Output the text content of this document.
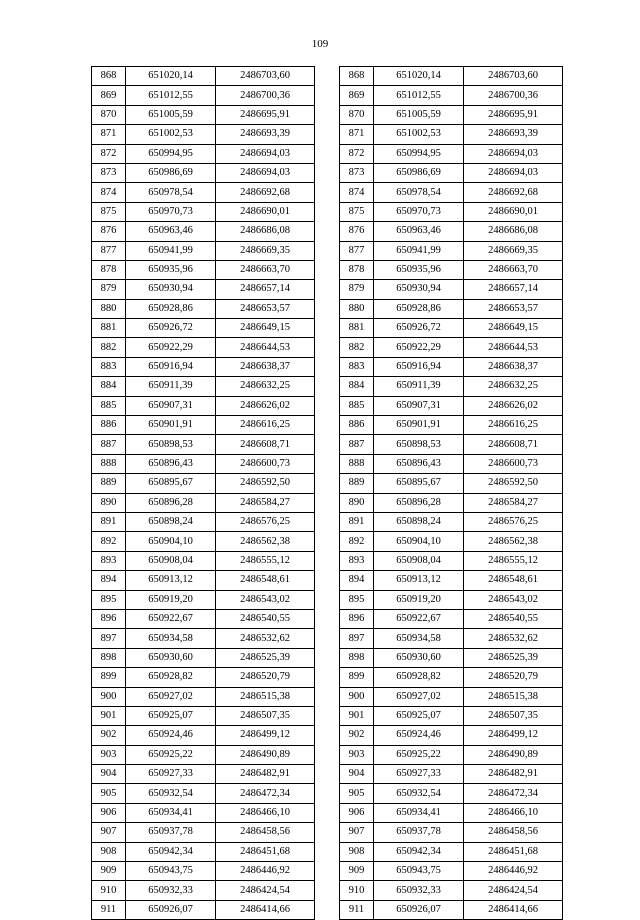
109
868	651020,14	2486703,60
869	651012,55	2486700,36
870	651005,59	2486695,91
871	651002,53	2486693,39
872	650994,95	2486694,03
873	650986,69	2486694,03
874	650978,54	2486692,68
875	650970,73	2486690,01
876	650963,46	2486686,08
877	650941,99	2486669,35
878	650935,96	2486663,70
879	650930,94	2486657,14
880	650928,86	2486653,57
881	650926,72	2486649,15
882	650922,29	2486644,53
883	650916,94	2486638,37
884	650911,39	2486632,25
885	650907,31	2486626,02
886	650901,91	2486616,25
887	650898,53	2486608,71
888	650896,43	2486600,73
889	650895,67	2486592,50
890	650896,28	2486584,27
891	650898,24	2486576,25
892	650904,10	2486562,38
893	650908,04	2486555,12
894	650913,12	2486548,61
895	650919,20	2486543,02
896	650922,67	2486540,55
897	650934,58	2486532,62
898	650930,60	2486525,39
899	650928,82	2486520,79
900	650927,02	2486515,38
901	650925,07	2486507,35
902	650924,46	2486499,12
903	650925,22	2486490,89
904	650927,33	2486482,91
905	650932,54	2486472,34
906	650934,41	2486466,10
907	650937,78	2486458,56
908	650942,34	2486451,68
909	650943,75	2486446,92
910	650932,33	2486424,54
911	650926,07	2486414,66
868	651020,14	2486703,60
869	651012,55	2486700,36
870	651005,59	2486695,91
871	651002,53	2486693,39
872	650994,95	2486694,03
873	650986,69	2486694,03
874	650978,54	2486692,68
875	650970,73	2486690,01
876	650963,46	2486686,08
877	650941,99	2486669,35
878	650935,96	2486663,70
879	650930,94	2486657,14
880	650928,86	2486653,57
881	650926,72	2486649,15
882	650922,29	2486644,53
883	650916,94	2486638,37
884	650911,39	2486632,25
885	650907,31	2486626,02
886	650901,91	2486616,25
887	650898,53	2486608,71
888	650896,43	2486600,73
889	650895,67	2486592,50
890	650896,28	2486584,27
891	650898,24	2486576,25
892	650904,10	2486562,38
893	650908,04	2486555,12
894	650913,12	2486548,61
895	650919,20	2486543,02
896	650922,67	2486540,55
897	650934,58	2486532,62
898	650930,60	2486525,39
899	650928,82	2486520,79
900	650927,02	2486515,38
901	650925,07	2486507,35
902	650924,46	2486499,12
903	650925,22	2486490,89
904	650927,33	2486482,91
905	650932,54	2486472,34
906	650934,41	2486466,10
907	650937,78	2486458,56
908	650942,34	2486451,68
909	650943,75	2486446,92
910	650932,33	2486424,54
911	650926,07	2486414,66
